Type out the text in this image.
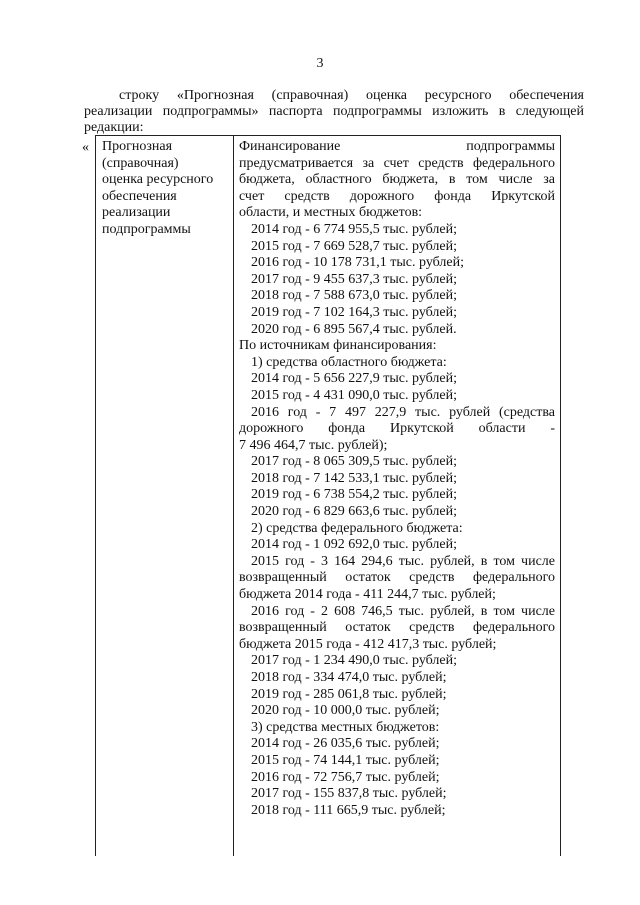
3
строку «Прогнозная (справочная) оценка ресурсного обеспечения
реализации подпрограммы» паспорта подпрограммы изложить в следующей
редакции:
« Прогнозная
(справочная)
оценка ресурсного
обеспечения
реализации
подпрограммы
Финансирование подпрограммы
предусматривается за счет средств федерального
бюджета, областного бюджета, в том числе за
счет средств дорожного фонда Иркутской
области, и местных бюджетов:
2014 год - 6 774 955,5 тыс. рублей;
2015 год - 7 669 528,7 тыс. рублей;
2016 год - 10 178 731,1 тыс. рублей;
2017 год - 9 455 637,3 тыс. рублей;
2018 год - 7 588 673,0 тыс. рублей;
2019 год - 7 102 164,3 тыс. рублей;
2020 год - 6 895 567,4 тыс. рублей.
По источникам финансирования:
1) средства областного бюджета:
2014 год - 5 656 227,9 тыс. рублей;
2015 год - 4 431 090,0 тыс. рублей;
2016 год - 7 497 227,9 тыс. рублей (средства
дорожного фонда Иркутской области -
7 496 464,7 тыс. рублей);
2017 год - 8 065 309,5 тыс. рублей;
2018 год - 7 142 533,1 тыс. рублей;
2019 год - 6 738 554,2 тыс. рублей;
2020 год - 6 829 663,6 тыс. рублей;
2) средства федерального бюджета:
2014 год - 1 092 692,0 тыс. рублей;
2015 год - 3 164 294,6 тыс. рублей, в том числе
возвращенный остаток средств федерального
бюджета 2014 года - 411 244,7 тыс. рублей;
2016 год - 2 608 746,5 тыс. рублей, в том числе
возвращенный остаток средств федерального
бюджета 2015 года - 412 417,3 тыс. рублей;
2017 год - 1 234 490,0 тыс. рублей;
2018 год - 334 474,0 тыс. рублей;
2019 год - 285 061,8 тыс. рублей;
2020 год - 10 000,0 тыс. рублей;
3) средства местных бюджетов:
2014 год - 26 035,6 тыс. рублей;
2015 год - 74 144,1 тыс. рублей;
2016 год - 72 756,7 тыс. рублей;
2017 год - 155 837,8 тыс. рублей;
2018 год - 111 665,9 тыс. рублей;
